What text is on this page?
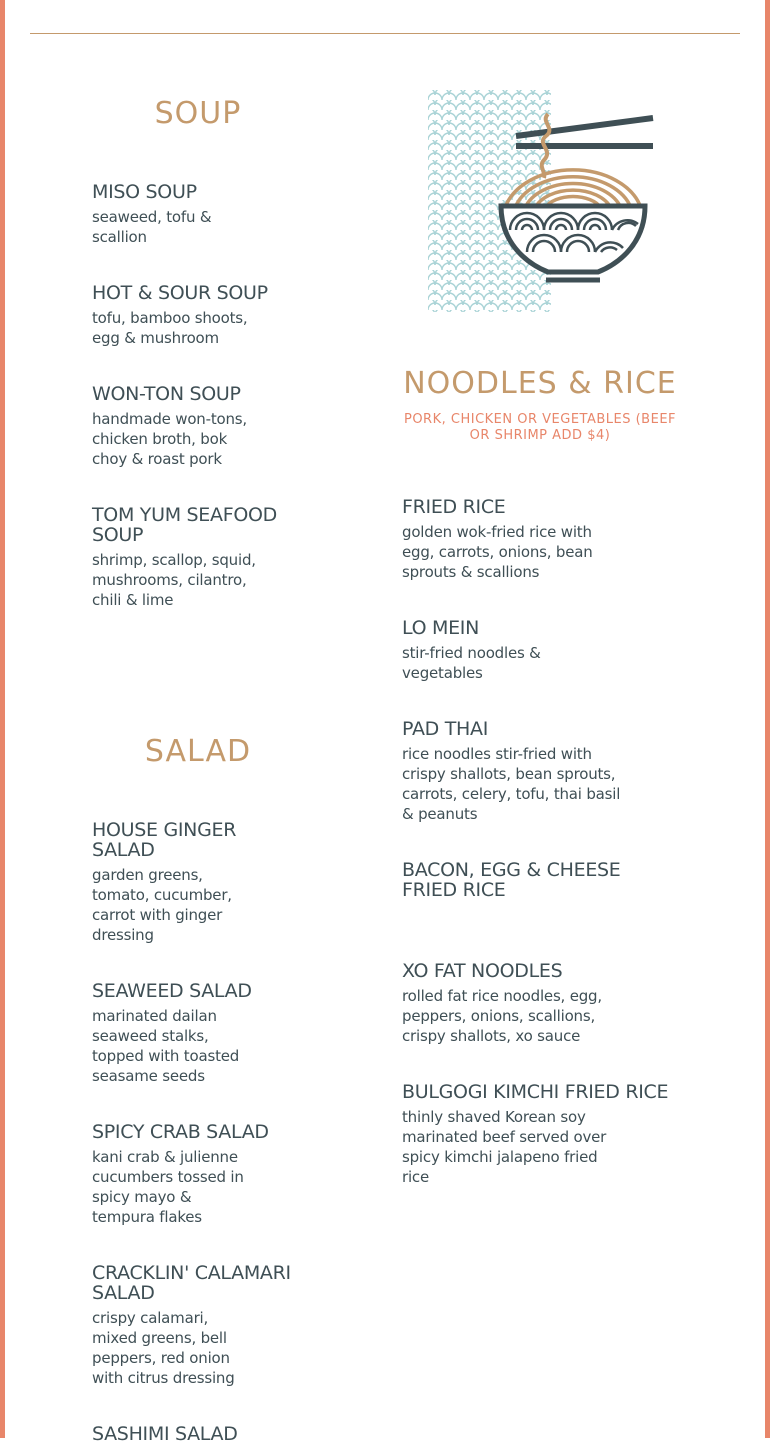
SOUP
MISO SOUP

seaweed, tofu & scallion

HOT & SOUR SOUP

tofu, bamboo shoots, egg & mushroom

WON-TON SOUP

handmade won-tons, chicken broth, bok choy & roast pork

TOM YUM SEAFOOD SOUP

shrimp, scallop, squid, mushrooms, cilantro, chili & lime

SALAD
HOUSE GINGER SALAD

garden greens, tomato, cucumber, carrot with ginger dressing

SEAWEED SALAD

marinated dailan seaweed stalks, topped with toasted seasame seeds

SPICY CRAB SALAD

kani crab & julienne cucumbers tossed in spicy mayo & tempura flakes

CRACKLIN' CALAMARI SALAD

crispy calamari, mixed greens, bell peppers, red onion with citrus dressing

SASHIMI SALAD
NOODLES & RICE
PORK, CHICKEN OR VEGETABLES (BEEF OR SHRIMP ADD $4)
FRIED RICE

golden wok-fried rice with egg, carrots, onions, bean sprouts & scallions

LO MEIN

stir-fried noodles & vegetables

PAD THAI

rice noodles stir-fried with crispy shallots, bean sprouts, carrots, celery, tofu, thai basil & peanuts

BACON, EGG & CHEESE FRIED RICE
XO FAT NOODLES

rolled fat rice noodles, egg, peppers, onions, scallions, crispy shallots, xo sauce

BULGOGI KIMCHI FRIED RICE

thinly shaved Korean soy marinated beef served over spicy kimchi jalapeno fried rice
